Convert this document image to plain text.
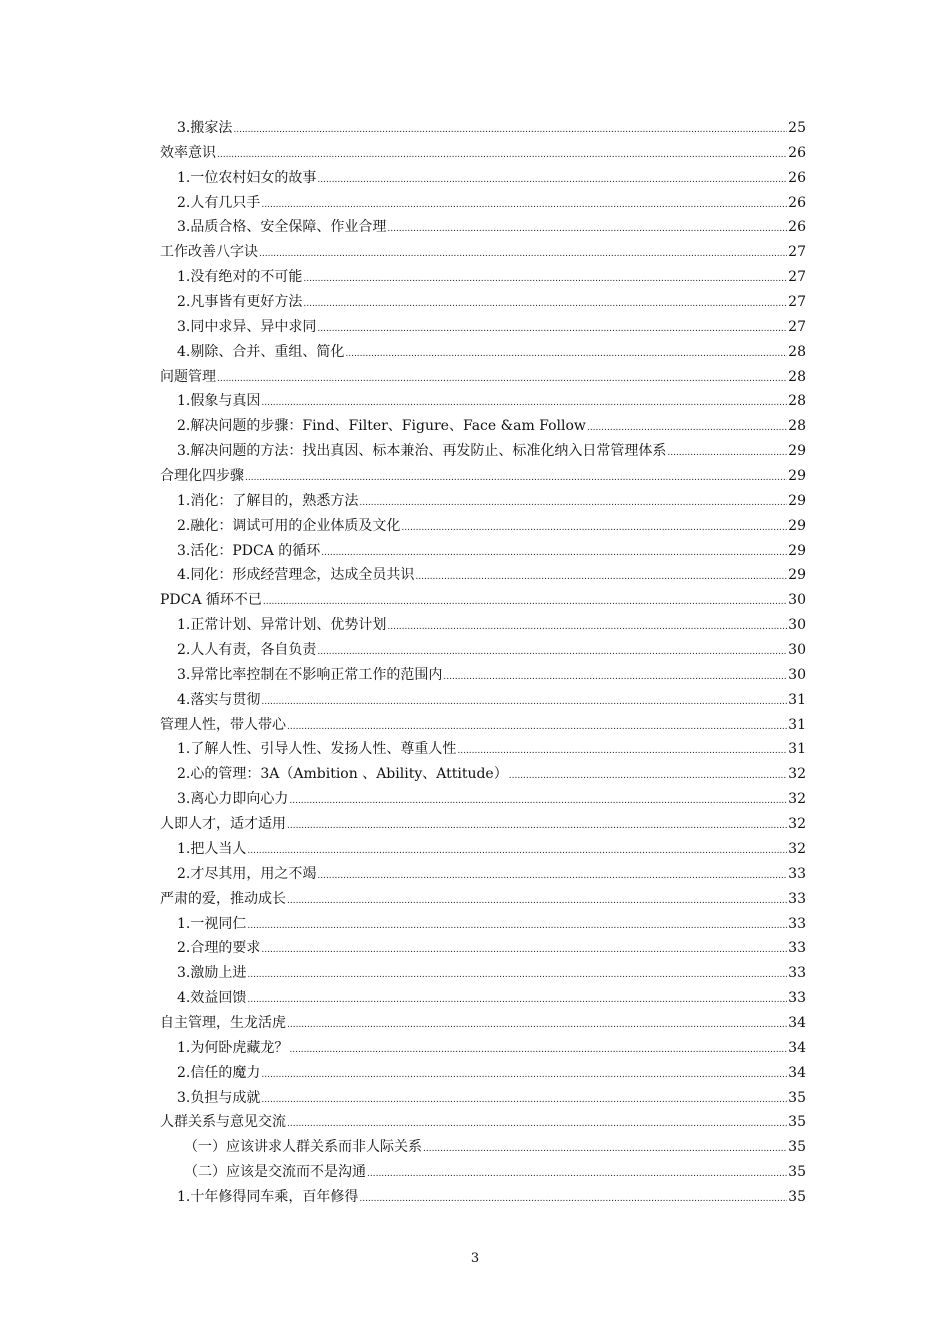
3.搬家法 .....	25
效率意识 .....	26
1.一位农村妇女的故事 .....	26
2.人有几只手 .....	26
3.品质合格、安全保障、作业合理 .....	26
工作改善八字诀 .....	27
1.没有绝对的不可能 .....	27
2.凡事皆有更好方法 .....	27
3.同中求异、异中求同 .....	27
4.剔除、合并、重组、简化 .....	28
问题管理 .....	28
1.假象与真因 .....	28
2.解决问题的步骤：Find、Filter、Figure、Face &am Follow .....	28
3.解决问题的方法：找出真因、标本兼治、再发防止、标准化纳入日常管理体系 .....	29
合理化四步骤 .....	29
1.消化：了解目的，熟悉方法 .....	29
2.融化：调试可用的企业体质及文化 .....	29
3.活化：PDCA 的循环 .....	29
4.同化：形成经营理念，达成全员共识 .....	29
PDCA 循环不已 .....	30
1.正常计划、异常计划、优势计划 .....	30
2.人人有责，各自负责 .....	30
3.异常比率控制在不影响正常工作的范围内 .....	30
4.落实与贯彻 .....	31
管理人性，带人带心 .....	31
1.了解人性、引导人性、发扬人性、尊重人性 .....	31
2.心的管理：3A（Ambition 、Ability、Attitude） .....	32
3.离心力即向心力 .....	32
人即人才，适才适用 .....	32
1.把人当人 .....	32
2.才尽其用，用之不竭 .....	33
严肃的爱，推动成长 .....	33
1.一视同仁 .....	33
2.合理的要求 .....	33
3.激励上进 .....	33
4.效益回馈 .....	33
自主管理，生龙活虎 .....	34
1.为何卧虎藏龙？ .....	34
2.信任的魔力 .....	34
3.负担与成就 .....	35
人群关系与意见交流 .....	35
（一）应该讲求人群关系而非人际关系 .....	35
（二）应该是交流而不是沟通 .....	35
1.十年修得同车乘，百年修得 .....	35
3
